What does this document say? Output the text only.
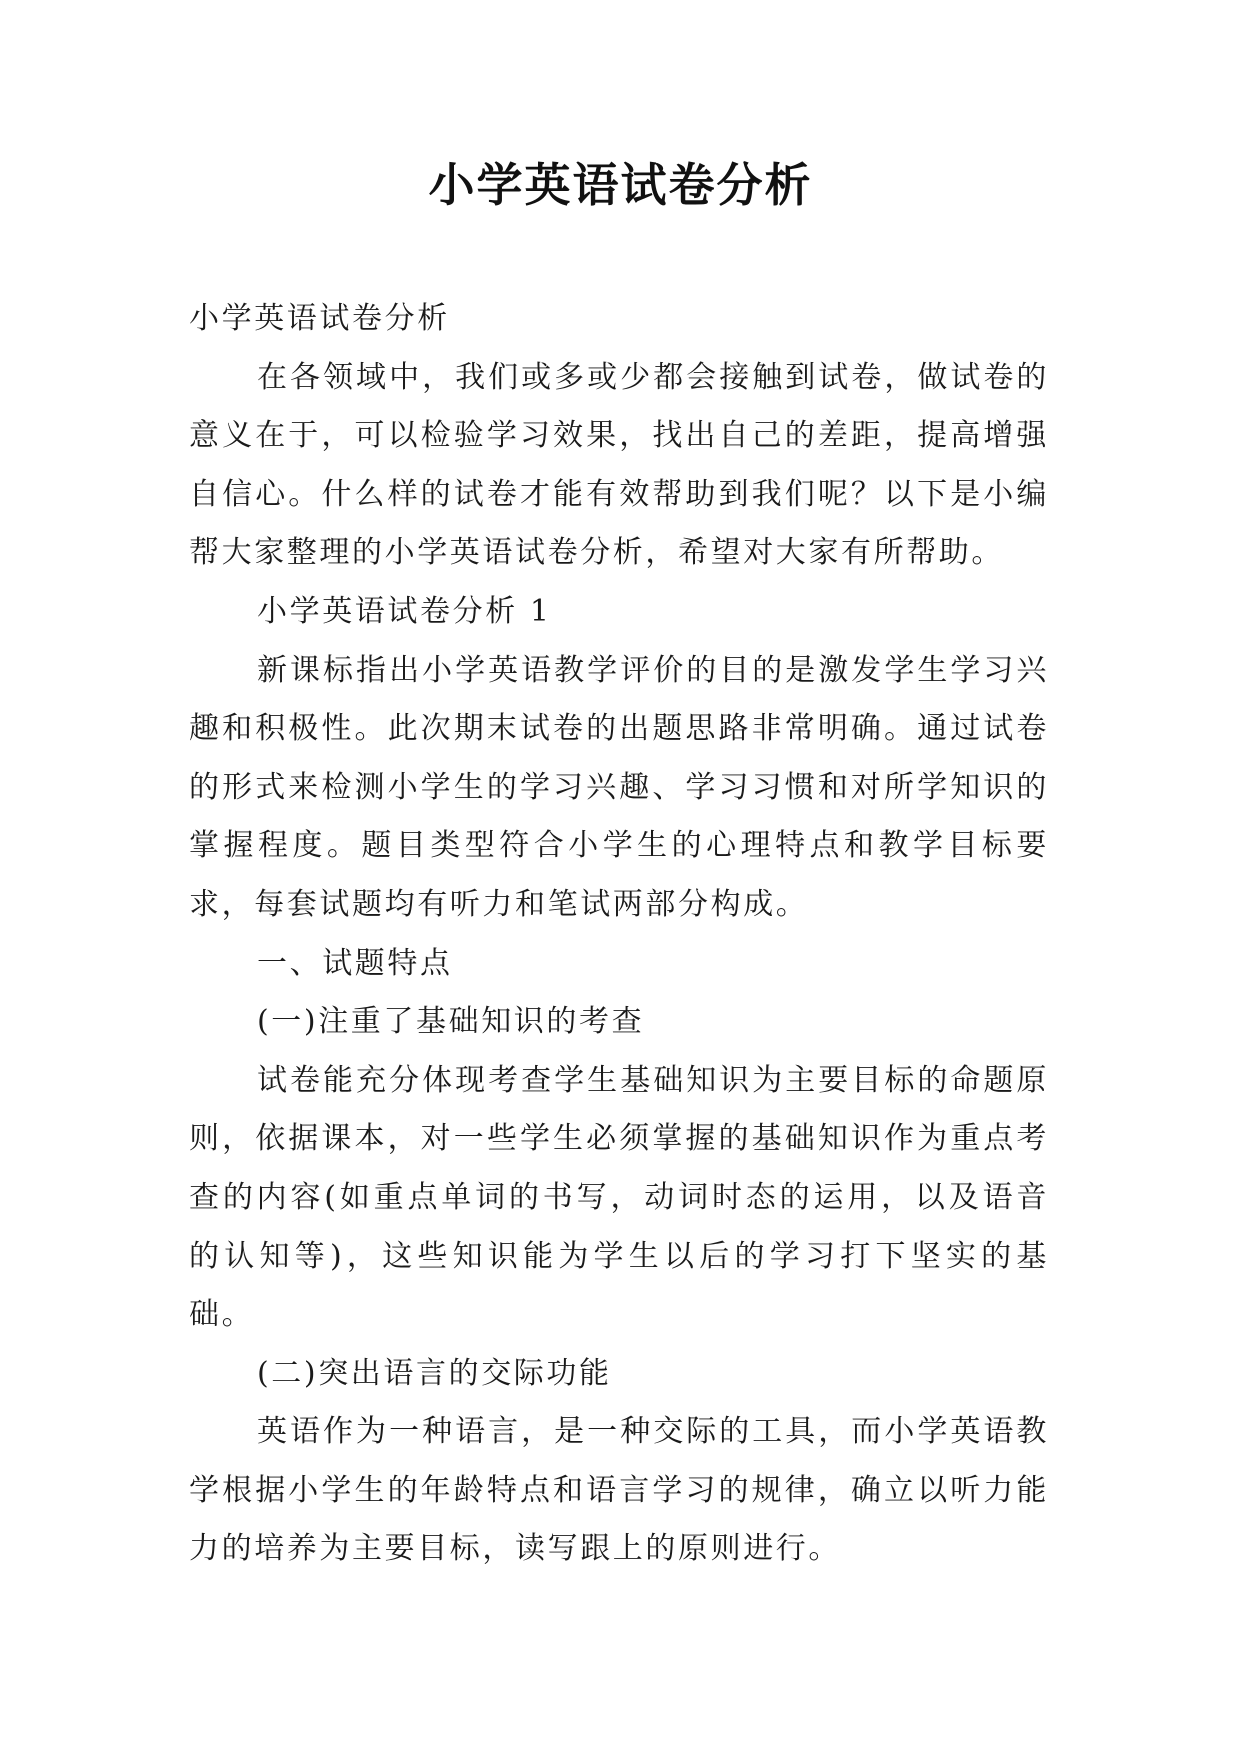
小学英语试卷分析

小学英语试卷分析

在各领域中，我们或多或少都会接触到试卷，做试卷的意义在于，可以检验学习效果，找出自己的差距，提高增强自信心。什么样的试卷才能有效帮助到我们呢？以下是小编帮大家整理的小学英语试卷分析，希望对大家有所帮助。

小学英语试卷分析 1

新课标指出小学英语教学评价的目的是激发学生学习兴趣和积极性。此次期末试卷的出题思路非常明确。通过试卷的形式来检测小学生的学习兴趣、学习习惯和对所学知识的掌握程度。题目类型符合小学生的心理特点和教学目标要求，每套试题均有听力和笔试两部分构成。

一、试题特点

(一)注重了基础知识的考查

试卷能充分体现考查学生基础知识为主要目标的命题原则，依据课本，对一些学生必须掌握的基础知识作为重点考查的内容(如重点单词的书写，动词时态的运用，以及语音的认知等)，这些知识能为学生以后的学习打下坚实的基础。

(二)突出语言的交际功能

英语作为一种语言，是一种交际的工具，而小学英语教学根据小学生的年龄特点和语言学习的规律，确立以听力能力的培养为主要目标，读写跟上的原则进行。
